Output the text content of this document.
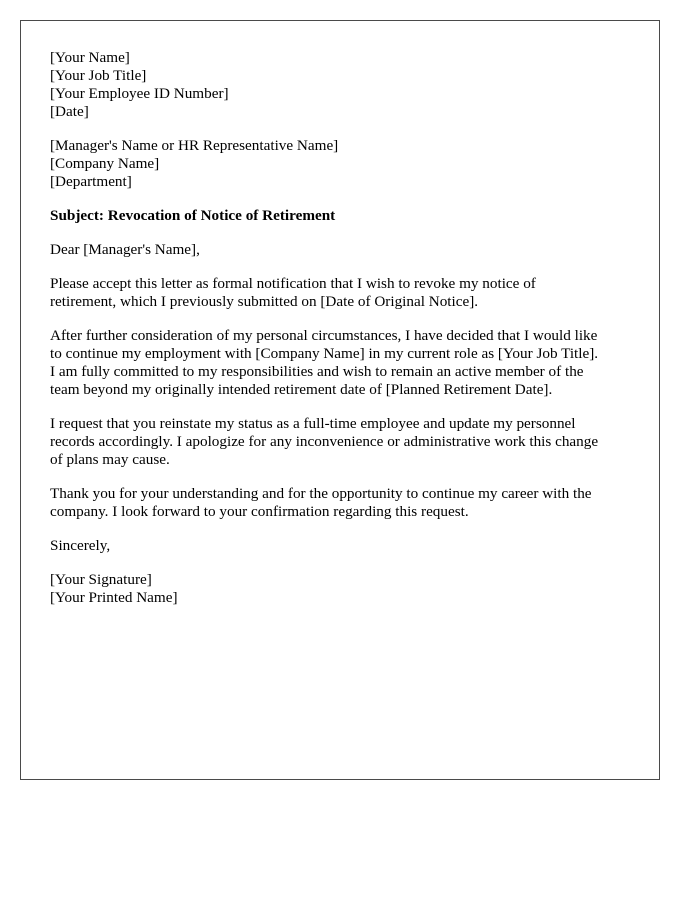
[Your Name]
[Your Job Title]
[Your Employee ID Number]
[Date]
[Manager's Name or HR Representative Name]
[Company Name]
[Department]
Subject: Revocation of Notice of Retirement
Dear [Manager's Name],

Please accept this letter as formal notification that I wish to revoke my notice of
retirement, which I previously submitted on [Date of Original Notice].

After further consideration of my personal circumstances, I have decided that I would like
to continue my employment with [Company Name] in my current role as [Your Job Title].
I am fully committed to my responsibilities and wish to remain an active member of the
team beyond my originally intended retirement date of [Planned Retirement Date].

I request that you reinstate my status as a full-time employee and update my personnel
records accordingly. I apologize for any inconvenience or administrative work this change
of plans may cause.

Thank you for your understanding and for the opportunity to continue my career with the
company. I look forward to your confirmation regarding this request.

Sincerely,
[Your Signature]
[Your Printed Name]
